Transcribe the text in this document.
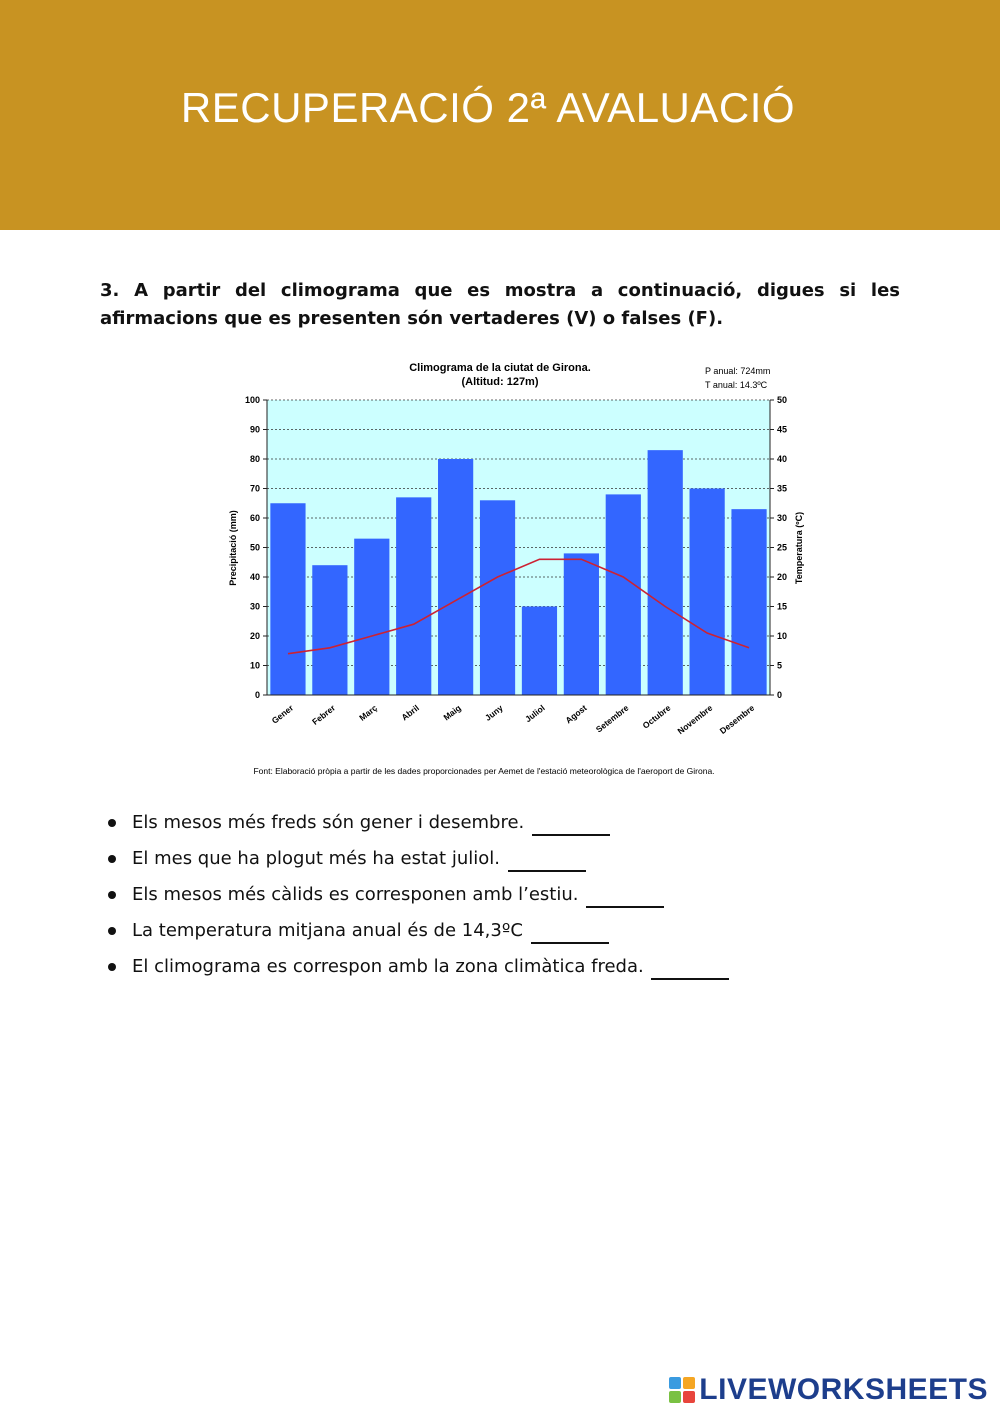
RECUPERACIÓ 2ª AVALUACIÓ
3. A partir del climograma que es mostra a continuació, digues si les afirmacions que es presenten són vertaderes (V) o falses (F).
Climograma de la ciutat de Girona.
(Altitud: 127m)
P anual: 724mm
T anual: 14.3ºC
0
10
20
30
40
50
60
70
80
90
100
0
5
10
15
20
25
30
35
40
45
50
Gener Febrer Març Abril Maig Juny Juliol Agost Setembre Octubre Novembre Desembre
Precipitació (mm)	Temperatura (ºC)
Font: Elaboració pròpia a partir de les dades proporcionades per Aemet de l'estació meteorològica de l'aeroport de Girona.
Els mesos més freds són gener i desembre.
El mes que ha plogut més ha estat juliol.
Els mesos més càlids es corresponen amb l’estiu.
La temperatura mitjana anual és de 14,3ºC
El climograma es correspon amb la zona climàtica freda.
LIVEWORKSHEETS
